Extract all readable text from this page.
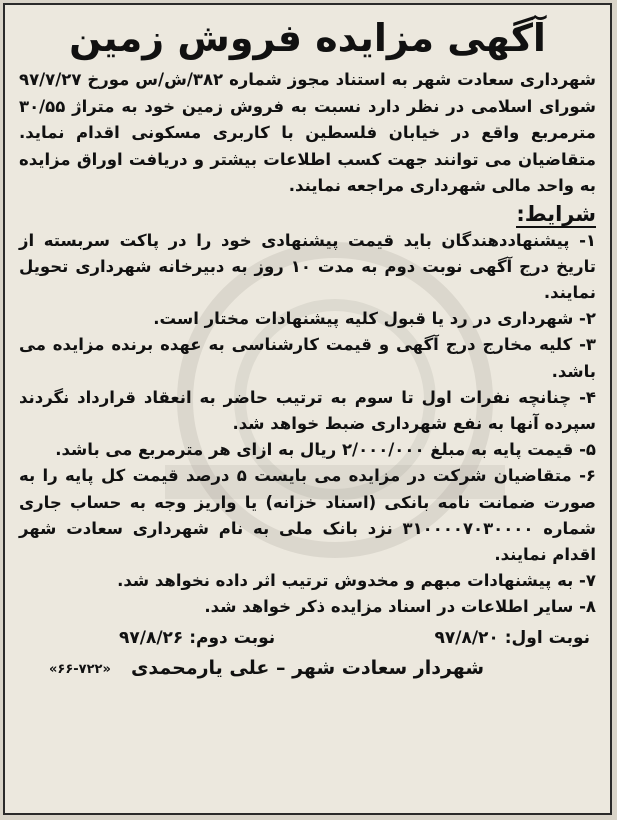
آگهی مزایده فروش زمین

شهرداری سعادت شهر به استناد مجوز شماره ۳۸۲/ش/س مورخ ۹۷/۷/۲۷ شورای اسلامی در نظر دارد نسبت به فروش زمین خود به متراژ ۳۰/۵۵ مترمربع واقع در خیابان فلسطین با کاربری مسکونی اقدام نماید. متقاضیان می توانند جهت کسب اطلاعات بیشتر و دریافت اوراق مزایده به واحد مالی شهرداری مراجعه نمایند.

شرایط:

۱- پیشنهاددهندگان باید قیمت پیشنهادی خود را در پاکت سربسته از تاریخ درج آگهی نوبت دوم به مدت ۱۰ روز به دبیرخانه شهرداری تحویل نمایند.
۲- شهرداری در رد یا قبول کلیه پیشنهادات مختار است.
۳- کلیه مخارج درج آگهی و قیمت کارشناسی به عهده برنده مزایده می باشد.
۴- چنانچه نفرات اول تا سوم به ترتیب حاضر به انعقاد قرارداد نگردند سپرده آنها به نفع شهرداری ضبط خواهد شد.
۵- قیمت پایه به مبلغ ۲/۰۰۰/۰۰۰ ریال به ازای هر مترمربع می باشد.
۶- متقاضیان شرکت در مزایده می بایست ۵ درصد قیمت کل پایه را به صورت ضمانت نامه بانکی (اسناد خزانه) یا واریز وجه به حساب جاری شماره ۳۱۰۰۰۰۷۰۳۰۰۰۰ نزد بانک ملی به نام شهرداری سعادت شهر اقدام نمایند.
۷- به پیشنهادات مبهم و مخدوش ترتیب اثر داده نخواهد شد.
۸- سایر اطلاعات در اسناد مزایده ذکر خواهد شد.
نوبت اول: ۹۷/۸/۲۰
نوبت دوم: ۹۷/۸/۲۶
شهردار سعادت شهر – علی یارمحمدی
«۶۶-۷۲۲»
